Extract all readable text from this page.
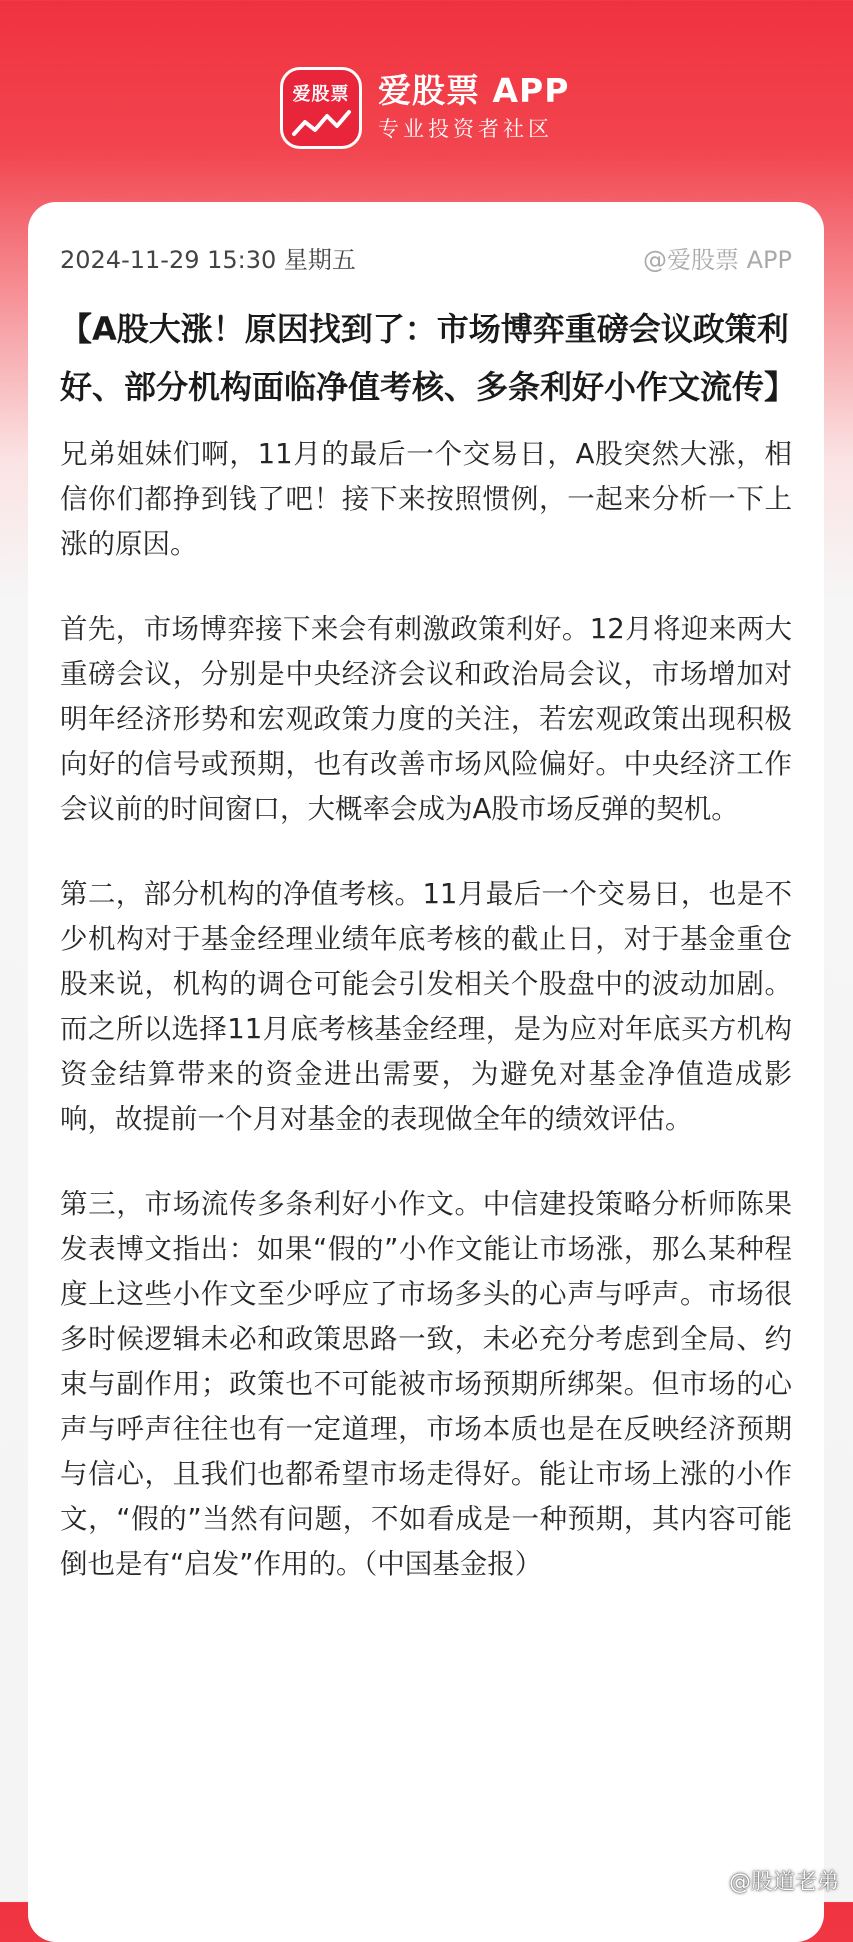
爱股票 爱股票 APP
专业投资者社区
2024-11-29 15:30 星期五	@爱股票 APP
【A股大涨！原因找到了：市场博弈重磅会议政策利好、部分机构面临净值考核、多条利好小作文流传】

兄弟姐妹们啊，11月的最后一个交易日，A股突然大涨，相信你们都挣到钱了吧！接下来按照惯例，一起来分析一下上涨的原因。

首先，市场博弈接下来会有刺激政策利好。12月将迎来两大重磅会议，分别是中央经济会议和政治局会议，市场增加对明年经济形势和宏观政策力度的关注，若宏观政策出现积极向好的信号或预期，也有改善市场风险偏好。中央经济工作会议前的时间窗口，大概率会成为A股市场反弹的契机。

第二，部分机构的净值考核。11月最后一个交易日，也是不少机构对于基金经理业绩年底考核的截止日，对于基金重仓股来说，机构的调仓可能会引发相关个股盘中的波动加剧。而之所以选择11月底考核基金经理，是为应对年底买方机构资金结算带来的资金进出需要，为避免对基金净值造成影响，故提前一个月对基金的表现做全年的绩效评估。

第三，市场流传多条利好小作文。中信建投策略分析师陈果发表博文指出：如果“假的”小作文能让市场涨，那么某种程度上这些小作文至少呼应了市场多头的心声与呼声。市场很多时候逻辑未必和政策思路一致，未必充分考虑到全局、约束与副作用；政策也不可能被市场预期所绑架。但市场的心声与呼声往往也有一定道理，市场本质也是在反映经济预期与信心，且我们也都希望市场走得好。能让市场上涨的小作文，“假的”当然有问题，不如看成是一种预期，其内容可能倒也是有“启发”作用的。（中国基金报）

@股道老弟
